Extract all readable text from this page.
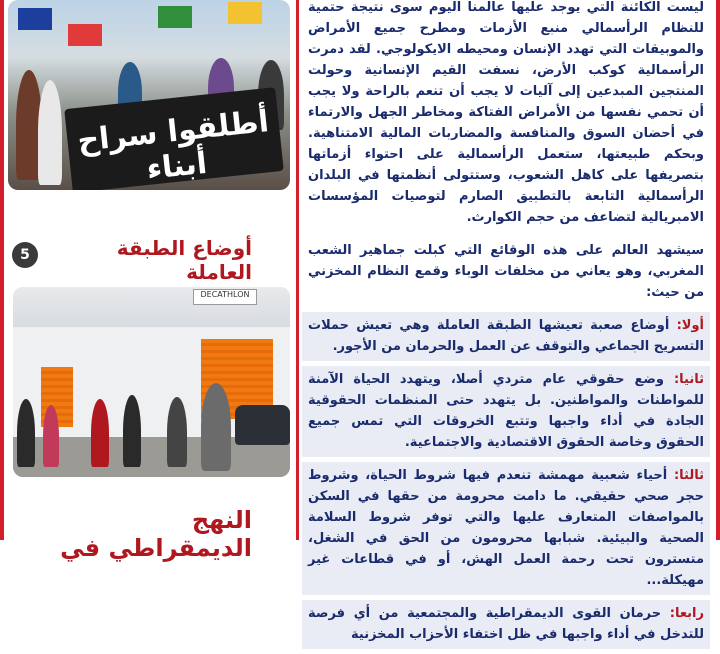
أطلقوا سراح أبناء
5	أوضاع الطبقة العاملة
DECATHLON
النهج الديمقراطي في
ليست الكائنة التي يوجد عليها عالمنا اليوم سوى نتيجة حتمية للنظام الرأسمالي منبع الأزمات ومطرح جميع الأمراض والموبيقات التي تهدد الإنسان ومحيطه الايكولوجي. لقد دمرت الرأسمالية كوكب الأرض، نسفت القيم الإنسانية وحولت المنتجين المبدعين إلى آليات لا يجب أن تنعم بالراحة ولا يجب أن تحمي نفسها من الأمراض الفتاكة ومخاطر الجهل والارتماء في أحضان السوق والمنافسة والمضاربات المالية الامتناهية. وبحكم طبيعتها، ستعمل الرأسمالية على احتواء أزماتها بتصريفها على كاهل الشعوب، وستتولى أنظمتها في البلدان الرأسمالية التابعة بالتطبيق الصارم لتوصيات المؤسسات الامبريالية لتضاعف من حجم الكوارث.
سيشهد العالم على هذه الوقائع التي كبلت جماهير الشعب المغربي، وهو يعاني من مخلفات الوباء وقمع النظام المخزني من حيث:
أولا: أوضاع صعبة تعيشها الطبقة العاملة وهي تعيش حملات التسريح الجماعي والتوقف عن العمل والحرمان من الأجور.
ثانيا: وضع حقوقي عام متردي أصلا، ويتهدد الحياة الآمنة للمواطنات والمواطنين. بل يتهدد حتى المنظمات الحقوقية الجادة في أداء واجبها وتتبع الخروقات التي تمس جميع الحقوق وخاصة الحقوق الاقتصادية والاجتماعية.
ثالثا: أحياء شعبية مهمشة تنعدم فيها شروط الحياة، وشروط حجر صحي حقيقي. ما دامت محرومة من حقها في السكن بالمواصفات المتعارف عليها والتي توفر شروط السلامة الصحية والبيئية. شبابها محرومون من الحق في الشغل، متسترون تحت رحمة العمل الهش، أو في قطاعات غير مهيكلة...
رابعا: حرمان القوى الديمقراطية والمجتمعية من أي فرصة للتدخل في أداء واجبها في ظل اختفاء الأحزاب المخزنية
